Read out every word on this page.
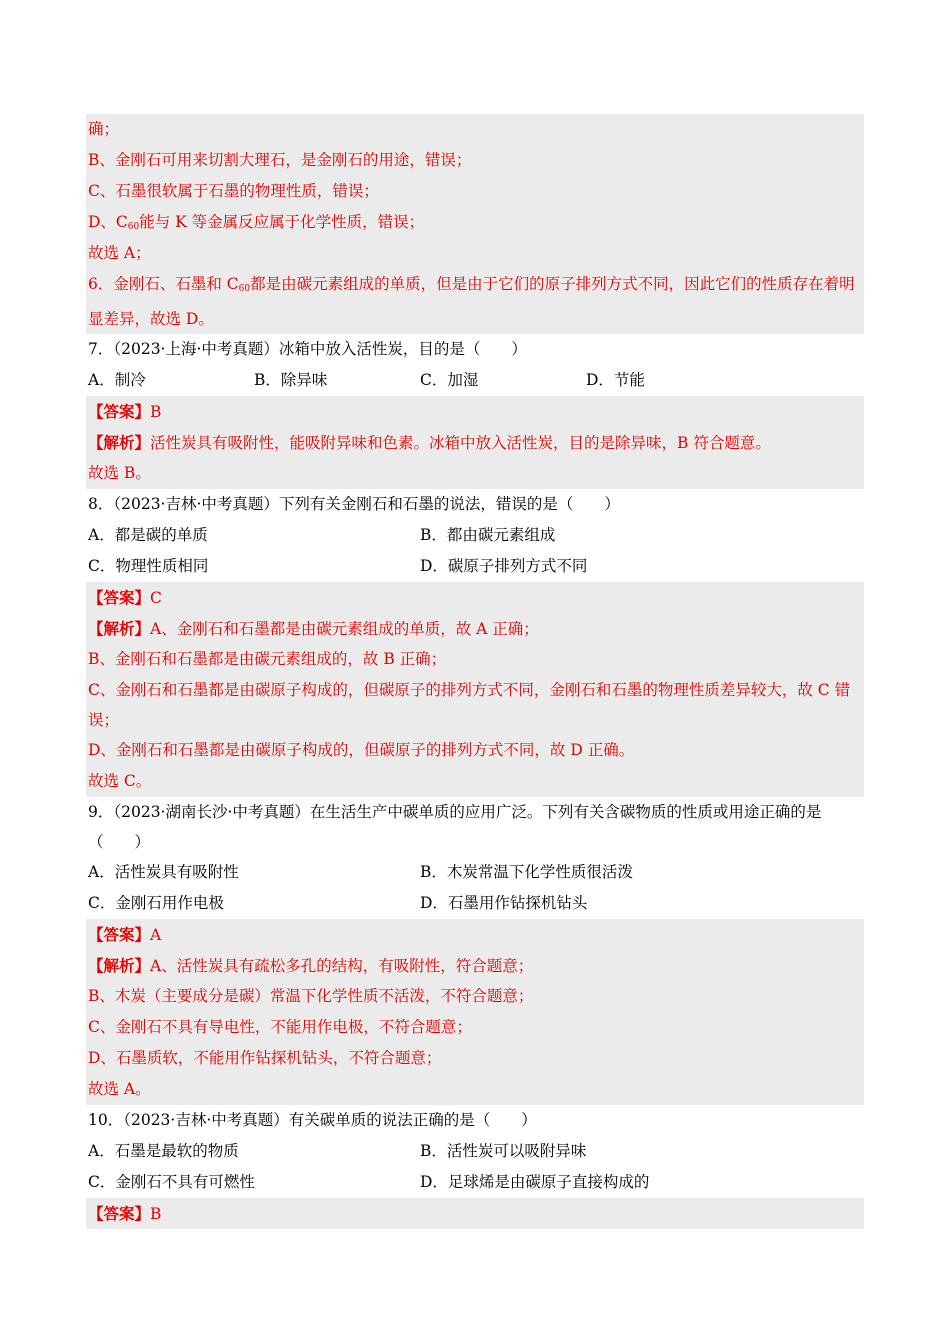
确；
B、金刚石可用来切割大理石，是金刚石的用途，错误；
C、石墨很软属于石墨的物理性质，错误；
D、$C_{60}$能与 K 等金属反应属于化学性质，错误；
故选 A；
6．金刚石、石墨和 $C_{60}$都是由碳元素组成的单质，但是由于它们的原子排列方式不同，因此它们的性质存在着明显差异，故选 D。
7．（2023·上海·中考真题）冰箱中放入活性炭，目的是（　　）
A．制冷	B．除异味	C．加湿	D．节能
【答案】B
【解析】活性炭具有吸附性，能吸附异味和色素。冰箱中放入活性炭，目的是除异味，B 符合题意。
故选 B。
8．（2023·吉林·中考真题）下列有关金刚石和石墨的说法，错误的是（　　）
A．都是碳的单质	B．都由碳元素组成
C．物理性质相同	D．碳原子排列方式不同
【答案】C
【解析】A、金刚石和石墨都是由碳元素组成的单质，故 A 正确；
B、金刚石和石墨都是由碳元素组成的，故 B 正确；
C、金刚石和石墨都是由碳原子构成的，但碳原子的排列方式不同，金刚石和石墨的物理性质差异较大，故 C 错误；
D、金刚石和石墨都是由碳原子构成的，但碳原子的排列方式不同，故 D 正确。
故选 C。
9．（2023·湖南长沙·中考真题）在生活生产中碳单质的应用广泛。下列有关含碳物质的性质或用途正确的是（　　）
A．活性炭具有吸附性	B．木炭常温下化学性质很活泼
C．金刚石用作电极	D．石墨用作钻探机钻头
【答案】A
【解析】A、活性炭具有疏松多孔的结构，有吸附性，符合题意；
B、木炭（主要成分是碳）常温下化学性质不活泼，不符合题意；
C、金刚石不具有导电性，不能用作电极，不符合题意；
D、石墨质软，不能用作钻探机钻头，不符合题意；
故选 A。
10．（2023·吉林·中考真题）有关碳单质的说法正确的是（　　）
A．石墨是最软的物质	B．活性炭可以吸附异味
C．金刚石不具有可燃性	D．足球烯是由碳原子直接构成的
【答案】B
